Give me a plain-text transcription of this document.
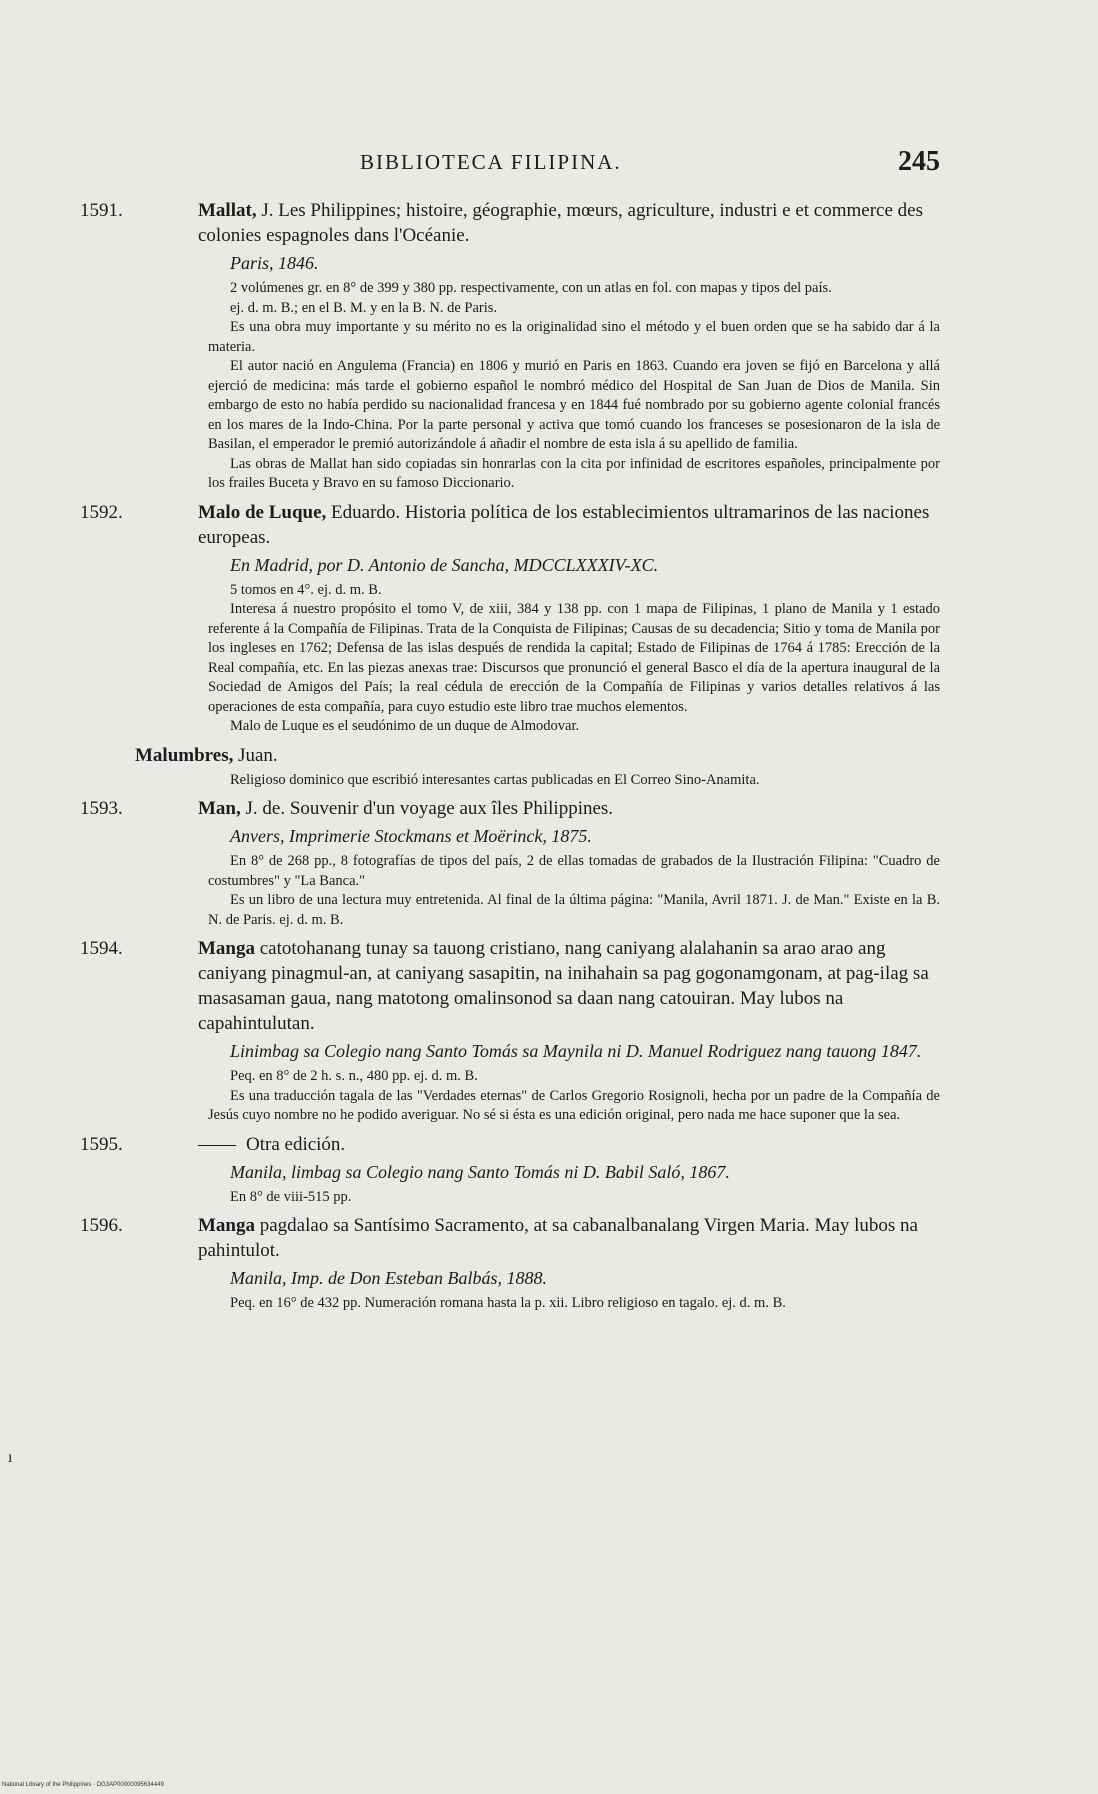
BIBLIOTECA FILIPINA.	245
1591.	Mallat, J. Les Philippines; histoire, géographie, mœurs, agriculture, industri e et commerce des colonies espagnoles dans l'Océanie.
Paris, 1846.
2 volúmenes gr. en 8° de 399 y 380 pp. respectivamente, con un atlas en fol. con mapas y tipos del país.
ej. d. m. B.; en el B. M. y en la B. N. de Paris.
Es una obra muy importante y su mérito no es la originalidad sino el método y el buen orden que se ha sabido dar á la materia.
El autor nació en Angulema (Francia) en 1806 y murió en Paris en 1863. Cuando era joven se fijó en Barcelona y allá ejerció de medicina: más tarde el gobierno español le nombró médico del Hospital de San Juan de Dios de Manila. Sin embargo de esto no había perdido su nacionalidad francesa y en 1844 fué nombrado por su gobierno agente colonial francés en los mares de la Indo-China. Por la parte personal y activa que tomó cuando los franceses se posesionaron de la isla de Basilan, el emperador le premió autorizándole á añadir el nombre de esta isla á su apellido de familia.
Las obras de Mallat han sido copiadas sin honrarlas con la cita por infinidad de escritores españoles, principalmente por los frailes Buceta y Bravo en su famoso Diccionario.
1592.	Malo de Luque, Eduardo. Historia política de los establecimientos ultramarinos de las naciones europeas.
En Madrid, por D. Antonio de Sancha, MDCCLXXXIV-XC.
5 tomos en 4°. ej. d. m. B.
Interesa á nuestro propósito el tomo V, de xiii, 384 y 138 pp. con 1 mapa de Filipinas, 1 plano de Manila y 1 estado referente á la Compañía de Filipinas. Trata de la Conquista de Filipinas; Causas de su decadencia; Sitio y toma de Manila por los ingleses en 1762; Defensa de las islas después de rendida la capital; Estado de Filipinas de 1764 á 1785: Erección de la Real compañía, etc. En las piezas anexas trae: Discursos que pronunció el general Basco el día de la apertura inaugural de la Sociedad de Amigos del País; la real cédula de erección de la Compañía de Filipinas y varios detalles relativos á las operaciones de esta compañía, para cuyo estudio este libro trae muchos elementos.
Malo de Luque es el seudónimo de un duque de Almodovar.
Malumbres, Juan.
Religioso dominico que escribió interesantes cartas publicadas en El Correo Sino-Anamita.
1593.	Man, J. de. Souvenir d'un voyage aux îles Philippines.
Anvers, Imprimerie Stockmans et Moërinck, 1875.
En 8° de 268 pp., 8 fotografías de tipos del país, 2 de ellas tomadas de grabados de la Ilustración Filipina: "Cuadro de costumbres" y "La Banca."
Es un libro de una lectura muy entretenida. Al final de la última página: "Manila, Avril 1871. J. de Man." Existe en la B. N. de Paris. ej. d. m. B.
1594.	Manga catotohanang tunay sa tauong cristiano, nang caniyang alalahanin sa arao arao ang caniyang pinagmul-an, at caniyang sasapitin, na inihahain sa pag gogonamgonam, at pag-ilag sa masasaman gaua, nang matotong omalinsonod sa daan nang catouiran. May lubos na capahintulutan.
Linimbag sa Colegio nang Santo Tomás sa Maynila ni D. Manuel Rodriguez nang tauong 1847.
Peq. en 8° de 2 h. s. n., 480 pp. ej. d. m. B.
Es una traducción tagala de las "Verdades eternas" de Carlos Gregorio Rosignoli, hecha por un padre de la Compañía de Jesús cuyo nombre no he podido averiguar. No sé si ésta es una edición original, pero nada me hace suponer que la sea.
1595.	—— Otra edición.
Manila, limbag sa Colegio nang Santo Tomás ni D. Babil Saló, 1867.
En 8° de viii-515 pp.
1596.	Manga pagdalao sa Santísimo Sacramento, at sa cabanalbanalang Virgen Maria. May lubos na pahintulot.
Manila, Imp. de Don Esteban Balbás, 1888.
Peq. en 16° de 432 pp. Numeración romana hasta la p. xii. Libro religioso en tagalo. ej. d. m. B.
ı
National Library of the Philippines · DG3AP00000095634449
